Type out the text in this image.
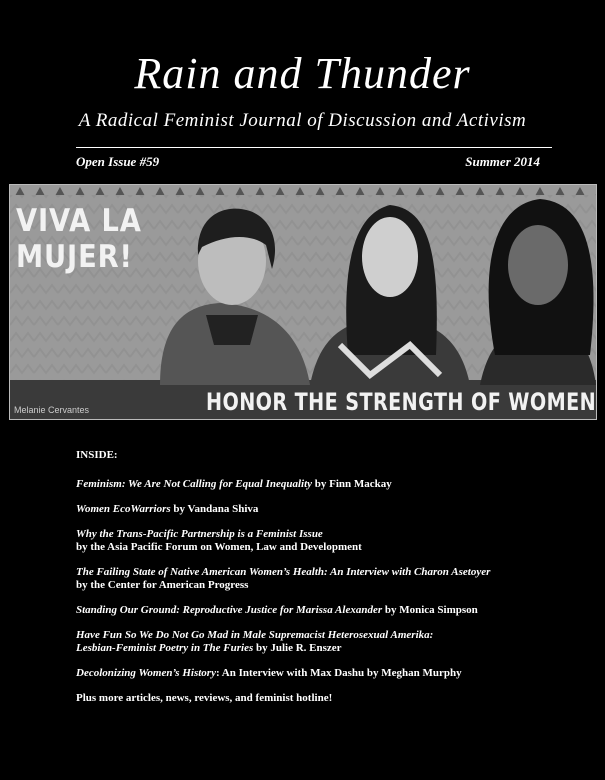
Rain and Thunder
A Radical Feminist Journal of Discussion and Activism
Open Issue #59	Summer 2014
VIVA LA
MUJER!
HONOR THE STRENGTH OF WOMEN
Melanie Cervantes
INSIDE:
Feminism: We Are Not Calling for Equal Inequality by Finn Mackay
Women EcoWarriors by Vandana Shiva
Why the Trans-Pacific Partnership is a Feminist Issue
by the Asia Pacific Forum on Women, Law and Development
The Failing State of Native American Women’s Health: An Interview with Charon Asetoyer
by the Center for American Progress
Standing Our Ground: Reproductive Justice for Marissa Alexander by Monica Simpson
Have Fun So We Do Not Go Mad in Male Supremacist Heterosexual Amerika:
Lesbian-Feminist Poetry in The Furies by Julie R. Enszer
Decolonizing Women’s History: An Interview with Max Dashu by Meghan Murphy
Plus more articles, news, reviews, and feminist hotline!
